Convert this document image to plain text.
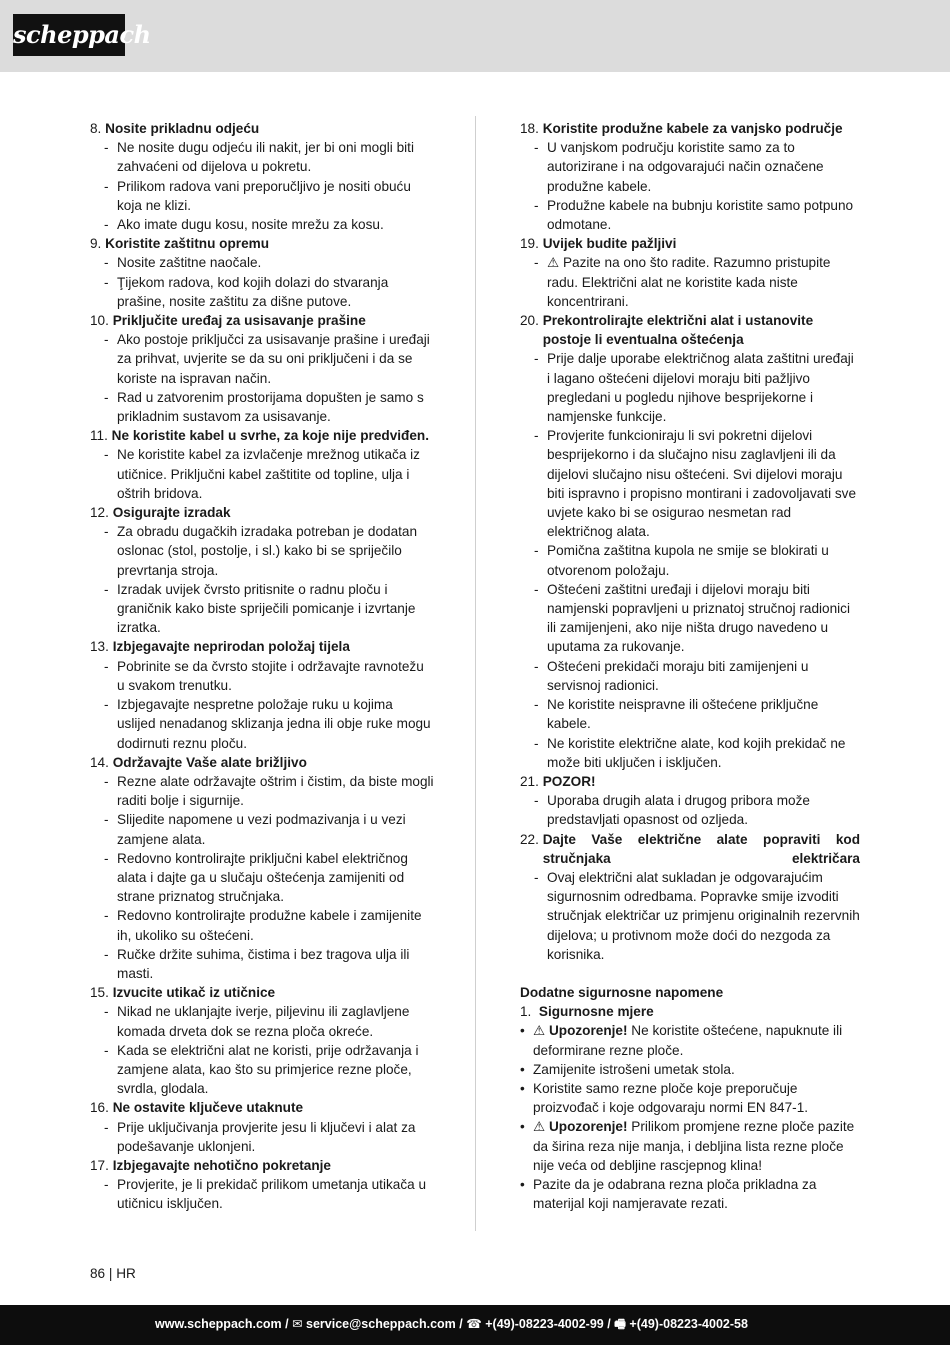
scheppach
8. Nosite prikladnu odjeću
- Ne nosite dugu odjeću ili nakit, jer bi oni mogli biti zahvaćeni od dijelova u pokretu.
- Prilikom radova vani preporučljivo je nositi obuću koja ne klizi.
- Ako imate dugu kosu, nosite mrežu za kosu.
9. Koristite zaštitnu opremu
- Nosite zaštitne naočale.
- Ţijekom radova, kod kojih dolazi do stvaranja prašine, nosite zaštitu za dišne putove.
10. Priključite uređaj za usisavanje prašine
- Ako postoje priključci za usisavanje prašine i uređaji za prihvat, uvjerite se da su oni priključeni i da se koriste na ispravan način.
- Rad u zatvorenim prostorijama dopušten je samo s prikladnim sustavom za usisavanje.
11. Ne koristite kabel u svrhe, za koje nije predviđen.
- Ne koristite kabel za izvlačenje mrežnog utikača iz utičnice. Priključni kabel zaštitite od topline, ulja i oštrih bridova.
12. Osigurajte izradak
- Za obradu dugačkih izradaka potreban je dodatan oslonac (stol, postolje, i sl.) kako bi se spriječilo prevrtanja stroja.
- Izradak uvijek čvrsto pritisnite o radnu ploču i graničnik kako biste spriječili pomicanje i izvrtanje izratka.
13. Izbjegavajte neprirodan položaj tijela
- Pobrinite se da čvrsto stojite i održavajte ravnotežu u svakom trenutku.
- Izbjegavajte nespretne položaje ruku u kojima uslijed nenadanog sklizanja jedna ili obje ruke mogu dodirnuti reznu ploču.
14. Održavajte Vaše alate brižljivo
- Rezne alate održavajte oštrim i čistim, da biste mogli raditi bolje i sigurnije.
- Slijedite napomene u vezi podmazivanja i u vezi zamjene alata.
- Redovno kontrolirajte priključni kabel električnog alata i dajte ga u slučaju oštećenja zamijeniti od strane priznatog stručnjaka.
- Redovno kontrolirajte produžne kabele i zamijenite ih, ukoliko su oštećeni.
- Ručke držite suhima, čistima i bez tragova ulja ili masti.
15. Izvucite utikač iz utičnice
- Nikad ne uklanjajte iverje, piljevinu ili zaglavljene komada drveta dok se rezna ploča okreće.
- Kada se električni alat ne koristi, prije održavanja i zamjene alata, kao što su primjerice rezne ploče, svrdla, glodala.
16. Ne ostavite ključeve utaknute
- Prije uključivanja provjerite jesu li ključevi i alat za podešavanje uklonjeni.
17. Izbjegavajte nehotično pokretanje
- Provjerite, je li prekidač prilikom umetanja utikača u utičnicu isključen.
18. Koristite produžne kabele za vanjsko područje
- U vanjskom području koristite samo za to autorizirane i na odgovarajući način označene produžne kabele.
- Produžne kabele na bubnju koristite samo potpuno odmotane.
19. Uvijek budite pažljivi
- ⚠ Pazite na ono što radite. Razumno pristupite radu. Električni alat ne koristite kada niste koncentrirani.
20. Prekontrolirajte električni alat i ustanovite postoje li eventualna oštećenja
- Prije dalje uporabe električnog alata zaštitni uređaji i lagano oštećeni dijelovi moraju biti pažljivo pregledani u pogledu njihove besprijekorne i namjenske funkcije.
- Provjerite funkcioniraju li svi pokretni dijelovi besprijekorno i da slučajno nisu zaglavljeni ili da dijelovi slučajno nisu oštećeni. Svi dijelovi moraju biti ispravno i propisno montirani i zadovoljavati sve uvjete kako bi se osigurao nesmetan rad električnog alata.
- Pomična zaštitna kupola ne smije se blokirati u otvorenom položaju.
- Oštećeni zaštitni uređaji i dijelovi moraju biti namjenski popravljeni u priznatoj stručnoj radionici ili zamijenjeni, ako nije ništa drugo navedeno u uputama za rukovanje.
- Oštećeni prekidači moraju biti zamijenjeni u servisnoj radionici.
- Ne koristite neispravne ili oštećene priključne kabele.
- Ne koristite električne alate, kod kojih prekidač ne može biti uključen i isključen.
21. POZOR!
- Uporaba drugih alata i drugog pribora može predstavljati opasnost od ozljeda.
22. Dajte Vaše električne alate popraviti kod stručnjaka električara
- Ovaj električni alat sukladan je odgovarajućim sigurnosnim odredbama. Popravke smije izvoditi stručnjak električar uz primjenu originalnih rezervnih dijelova; u protivnom može doći do nezgoda za korisnika.
Dodatne sigurnosne napomene
1. Sigurnosne mjere
• ⚠ Upozorenje! Ne koristite oštećene, napuknute ili deformirane rezne ploče.
• Zamijenite istrošeni umetak stola.
• Koristite samo rezne ploče koje preporučuje proizvođač i koje odgovaraju normi EN 847-1.
• ⚠ Upozorenje! Prilikom promjene rezne ploče pazite da širina reza nije manja, i debljina lista rezne ploče nije veća od debljine rascjepnog klina!
• Pazite da je odabrana rezna ploča prikladna za materijal koji namjeravate rezati.
86 | HR
www.scheppach.com / ✉ service@scheppach.com / ☎ +(49)-08223-4002-99 / 🖷 +(49)-08223-4002-58
